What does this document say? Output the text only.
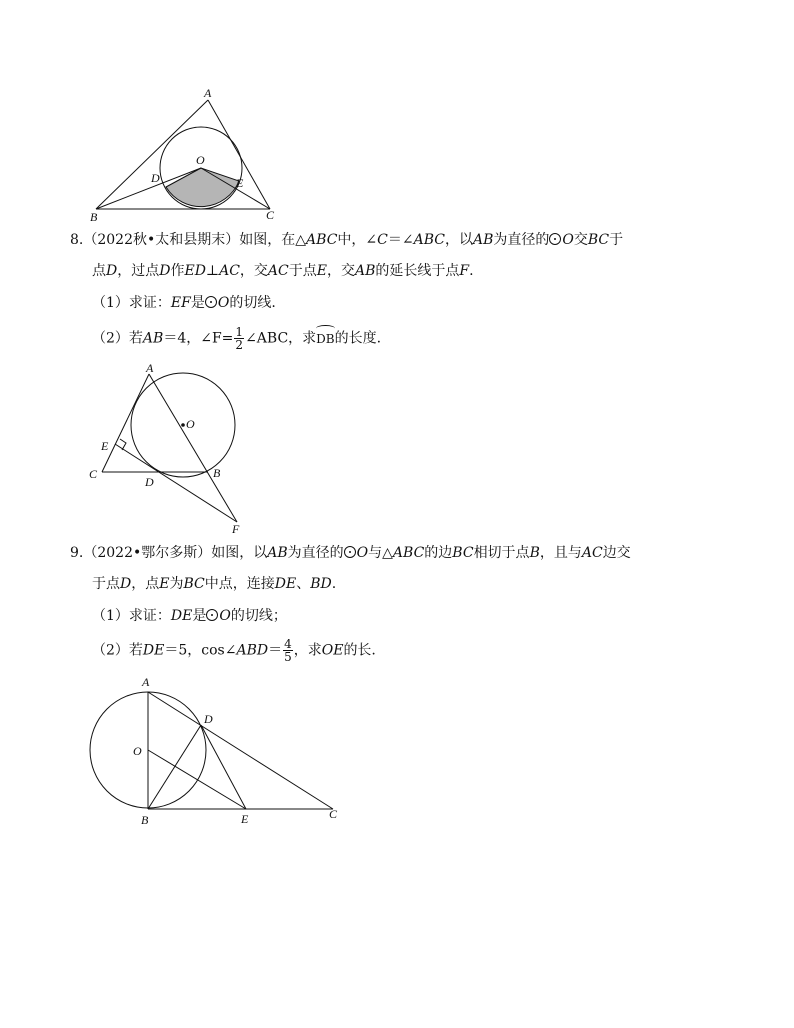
A
O
D	E
B	C
8.（2022秋•太和县期末）如图，在△ABC中，∠C＝∠ABC，以AB为直径的 O交BC于
点D，过点D作ED⊥AC，交AC于点E，交AB的延长线于点F.
（1）求证：EF是 O的切线.
（2）若AB＝4，∠F= $\frac{1}{2}$ ∠ABC，求DB的长度.
A
O
E
C
D
B
F
9.（2022•鄂尔多斯）如图，以AB为直径的 O与△ABC的边BC相切于点B，且与AC边交
于点D，点E为BC中点，连接DE、BD.
（1）求证：DE是 O的切线；
（2）若DE＝5，cos∠ABD＝ $\frac{4}{5}$ ，求OE的长.
A
D
O
B	E	C
